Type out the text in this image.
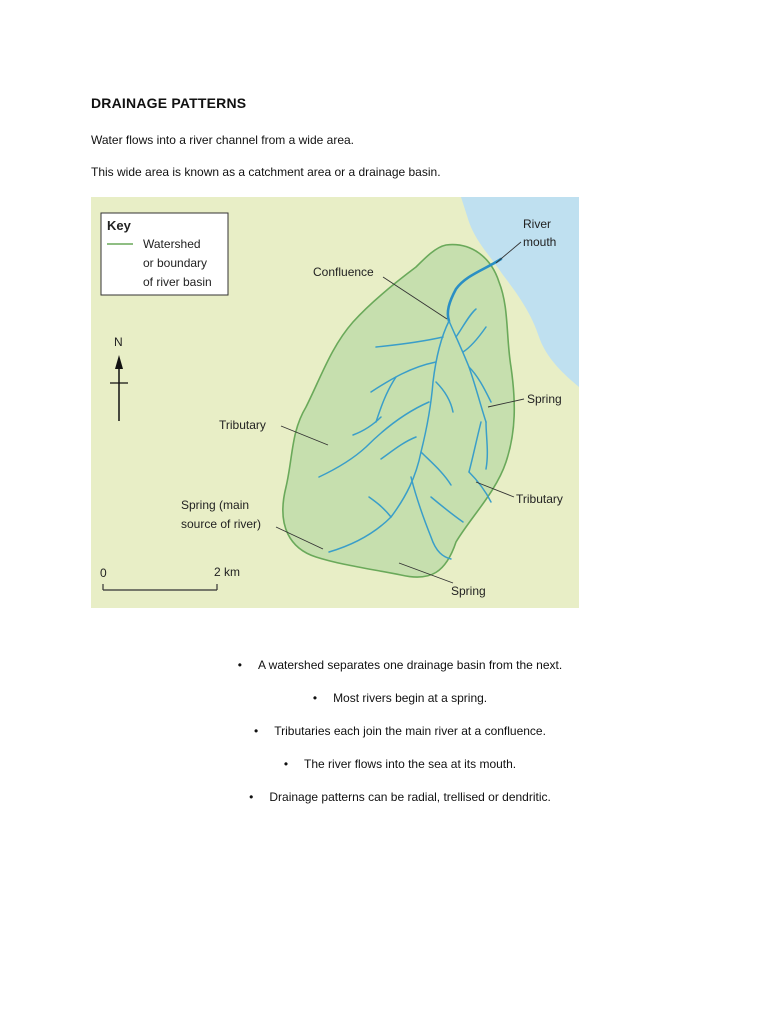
DRAINAGE PATTERNS

Water flows into a river channel from a wide area.

This wide area is known as a catchment area or a drainage basin.

Key
Watershed
or boundary
of river basin
N
0	2 km
River
mouth
Confluence
Spring
Tributary
Tributary
Spring (main
source of river)
Spring
• A watershed separates one drainage basin from the next.
• Most rivers begin at a spring.
• Tributaries each join the main river at a confluence.
• The river flows into the sea at its mouth.
• Drainage patterns can be radial, trellised or dendritic.
